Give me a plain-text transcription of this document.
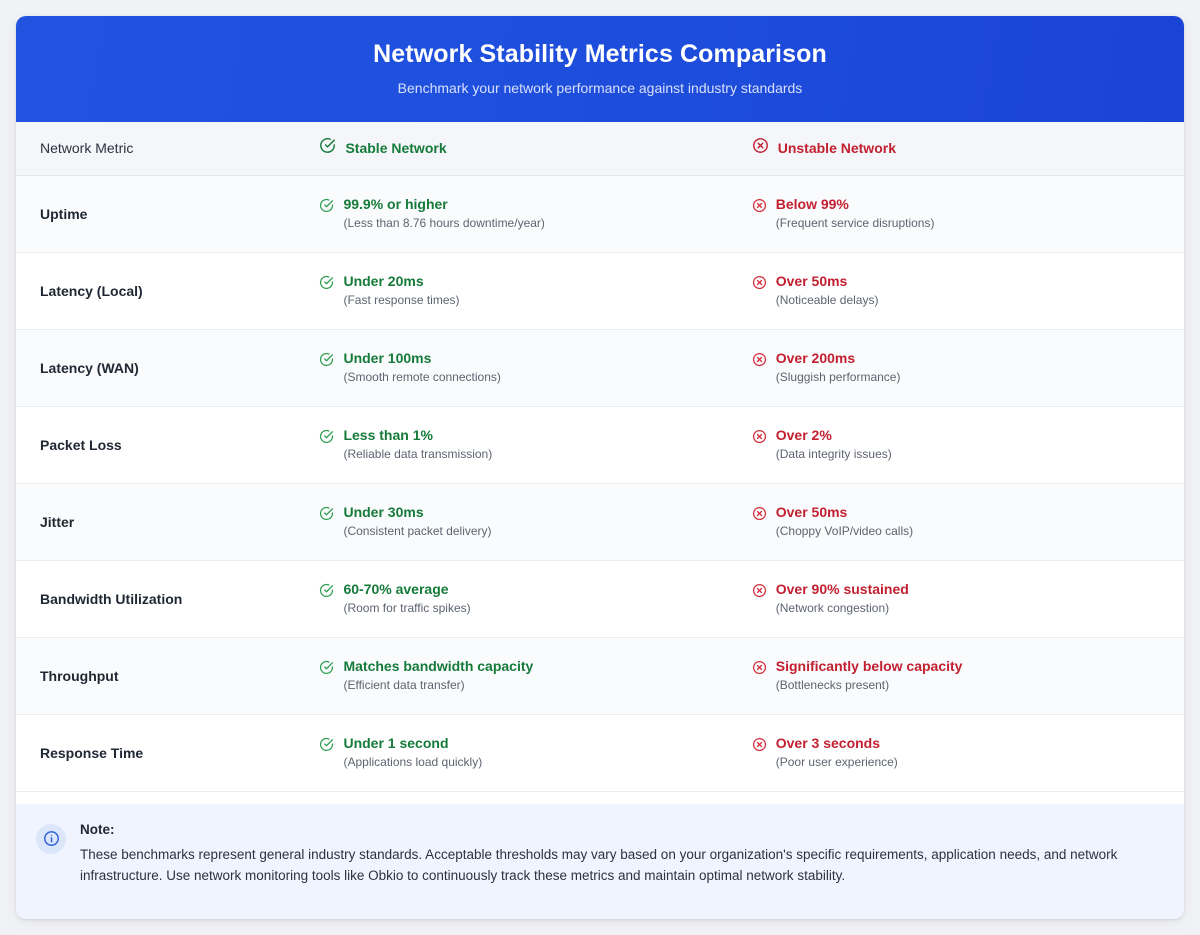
Network Stability Metrics Comparison
Benchmark your network performance against industry standards
Network Metric	Stable Network	Unstable Network
Uptime
99.9% or higher
(Less than 8.76 hours downtime/year)
Below 99%
(Frequent service disruptions)
Latency (Local)
Under 20ms
(Fast response times)
Over 50ms
(Noticeable delays)
Latency (WAN)
Under 100ms
(Smooth remote connections)
Over 200ms
(Sluggish performance)
Packet Loss
Less than 1%
(Reliable data transmission)
Over 2%
(Data integrity issues)
Jitter
Under 30ms
(Consistent packet delivery)
Over 50ms
(Choppy VoIP/video calls)
Bandwidth Utilization
60-70% average
(Room for traffic spikes)
Over 90% sustained
(Network congestion)
Throughput
Matches bandwidth capacity
(Efficient data transfer)
Significantly below capacity
(Bottlenecks present)
Response Time
Under 1 second
(Applications load quickly)
Over 3 seconds
(Poor user experience)
Note:
These benchmarks represent general industry standards. Acceptable thresholds may vary based on your organization's specific requirements, application needs, and network infrastructure. Use network monitoring tools like Obkio to continuously track these metrics and maintain optimal network stability.
